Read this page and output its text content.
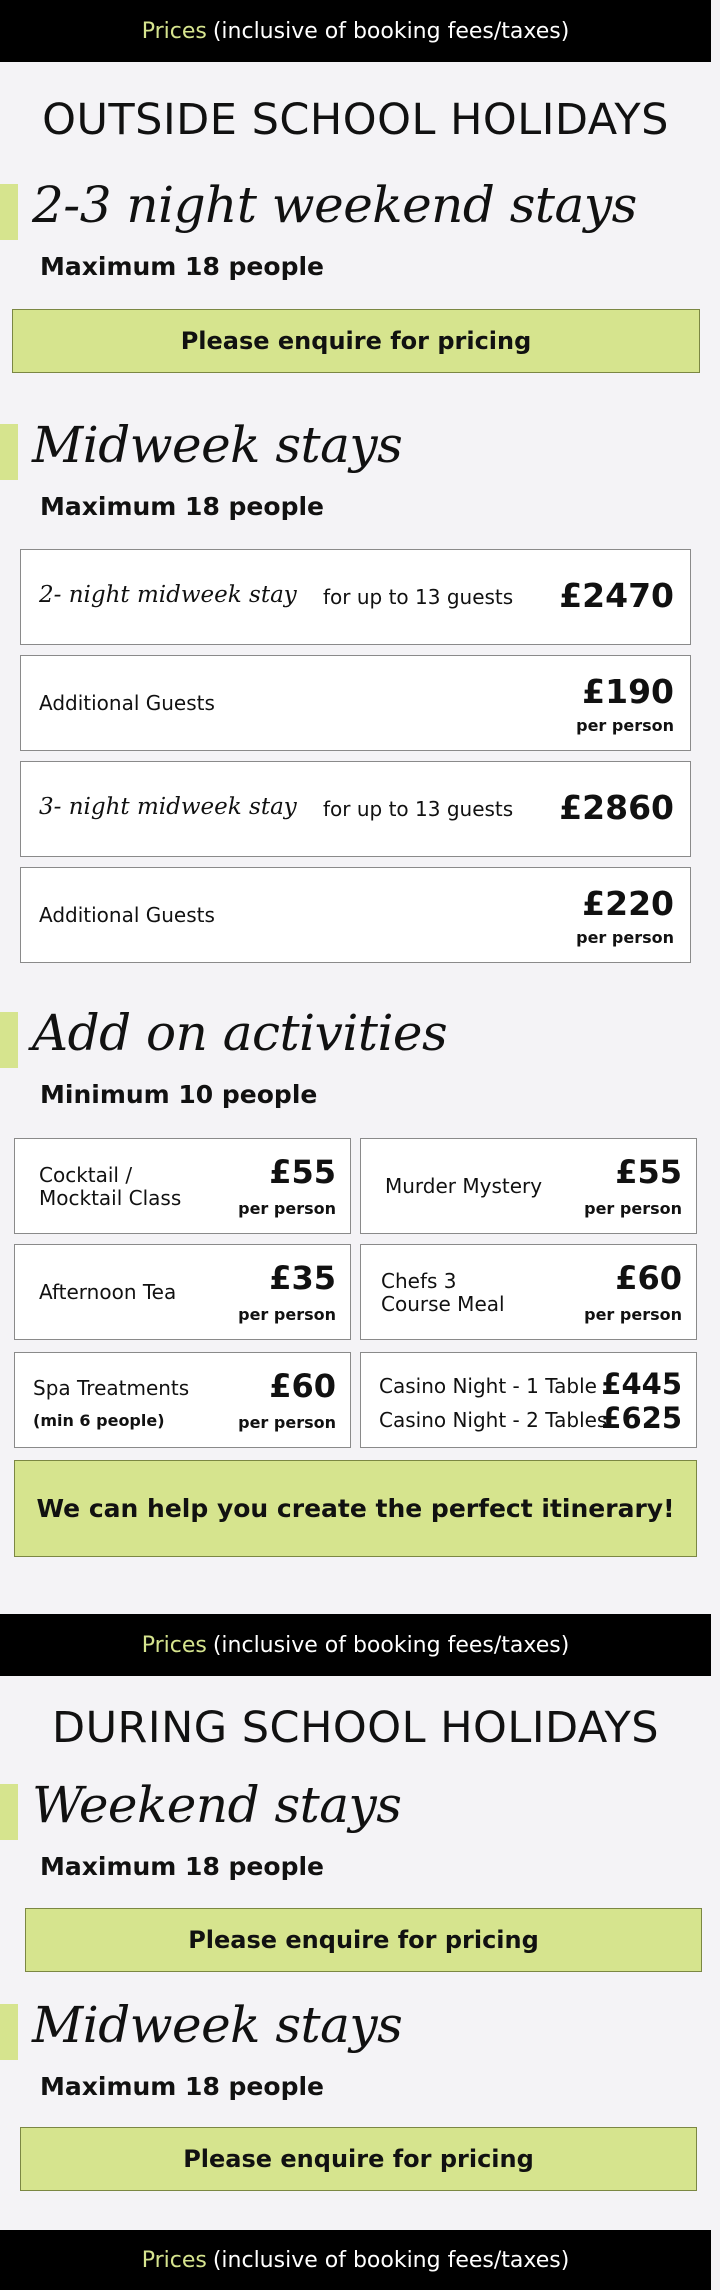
Prices (inclusive of booking fees/taxes)
OUTSIDE SCHOOL HOLIDAYS
2-3 night weekend stays
Maximum 18 people
Please enquire for pricing
Midweek stays
Maximum 18 people
2- night midweek stay for up to 13 guests £2470
Additional Guests	£190
per person
3- night midweek stay for up to 13 guests £2860
Additional Guests	£220
per person
Add on activities
Minimum 10 people
Cocktail / Mocktail Class
£55
per person
Murder Mystery £55
per person
Afternoon Tea	£35
per person
Chefs 3 Course Meal
£60
per person
Spa Treatments
(min 6 people)
£60
per person
Casino Night - 1 Table £445
Casino Night - 2 Tables
£625
We can help you create the perfect itinerary!
Prices (inclusive of booking fees/taxes)
DURING SCHOOL HOLIDAYS
Weekend stays
Maximum 18 people
Please enquire for pricing
Midweek stays
Maximum 18 people
Please enquire for pricing
Prices (inclusive of booking fees/taxes)
